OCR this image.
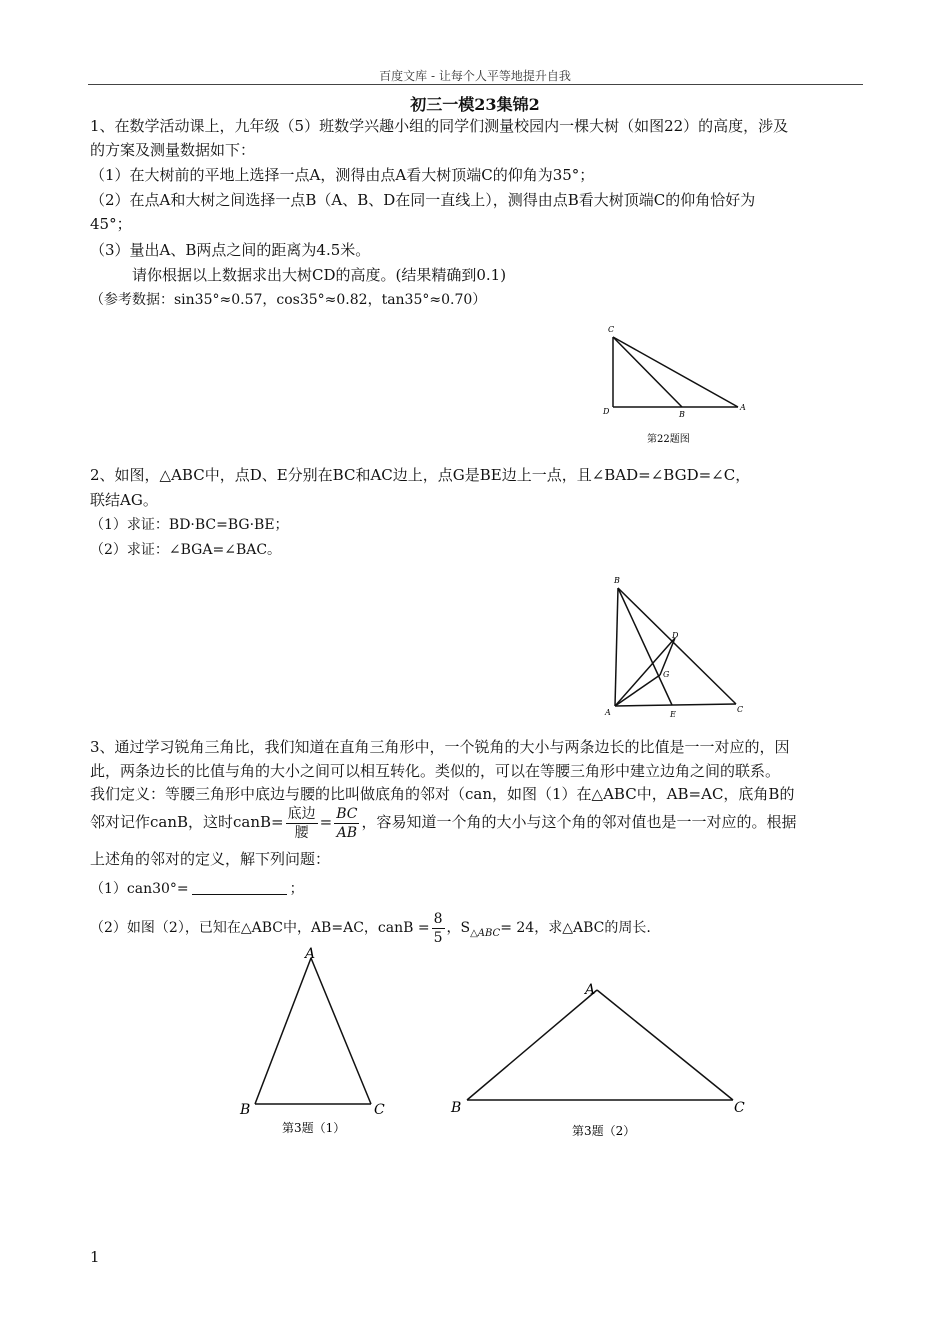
百度文库 - 让每个人平等地提升自我
初三一模23集锦2
1、在数学活动课上，九年级（5）班数学兴趣小组的同学们测量校园内一棵大树（如图22）的高度，涉及
的方案及测量数据如下：
（1）在大树前的平地上选择一点A，测得由点A看大树顶端C的仰角为35°；
（2）在点A和大树之间选择一点B（A、B、D在同一直线上），测得由点B看大树顶端C的仰角恰好为
45°；
（3）量出A、B两点之间的距离为4.5米。
请你根据以上数据求出大树CD的高度。(结果精确到0.1)
（参考数据：sin35°≈0.57，cos35°≈0.82，tan35°≈0.70）
C
D	B
A
第22题图
2、如图，△ABC中，点D、E分别在BC和AC边上，点G是BE边上一点，且∠BAD=∠BGD=∠C，
联结AG。
（1）求证：BD·BC=BG·BE；
（2）求证：∠BGA=∠BAC。
B
D
G
A	E
C
3、通过学习锐角三角比，我们知道在直角三角形中，一个锐角的大小与两条边长的比值是一一对应的，因
此，两条边长的比值与角的大小之间可以相互转化。类似的，可以在等腰三角形中建立边角之间的联系。
我们定义：等腰三角形中底边与腰的比叫做底角的邻对（can，如图（1）在△ABC中，AB=AC，底角B的
邻对记作canB，这时canB= $\frac{\text{底边}}{\text{腰}} = \frac{BC}{AB}$ ，容易知道一个角的大小与这个角的邻对值也是一一对应的。根据
上述角的邻对的定义，解下列问题：
（1）can30°=	；
（2）如图（2），已知在△ABC中，AB=AC，canB = $\frac{8}{5}$ ，$S_{\triangle ABC}= 24$，求△ABC的周长.
A
B	C
第3题（1）
A
B	C
第3题（2）
1
